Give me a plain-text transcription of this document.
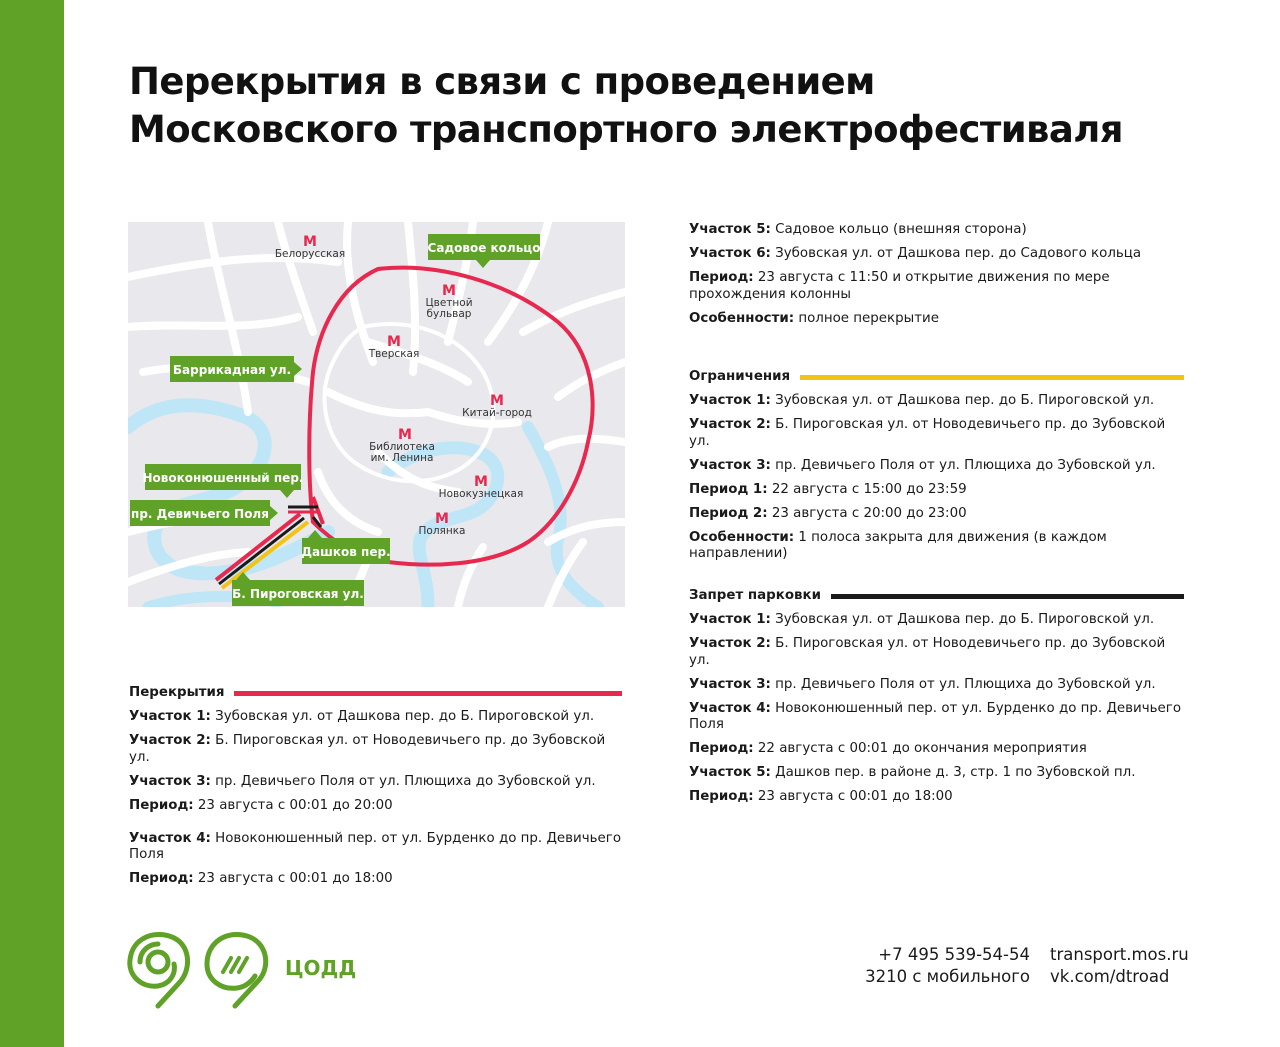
Перекрытия в связи с проведением
Московского транспортного электрофестиваля
Садовое кольцо
Баррикадная ул.
Новоконюшенный пер.
пр. Девичьего Поля
Дашков пер.
Б. Пироговская ул.
М
Белорусская
М
Цветной
бульвар
М
Тверская
М
Китай-город
М
Библиотека
им. Ленина
М
Новокузнецкая
М
Полянка
Участок 5: Садовое кольцо (внешняя сторона)
Участок 6: Зубовская ул. от Дашкова пер. до Садового кольца
Период: 23 августа с 11:50 и открытие движения по мере прохождения колонны
Особенности: полное перекрытие
Ограничения
Участок 1: Зубовская ул. от Дашкова пер. до Б. Пироговской ул.
Участок 2: Б. Пироговская ул. от Новодевичьего пр. до Зубовской ул.
Участок 3: пр. Девичьего Поля от ул. Плющиха до Зубовской ул.
Период 1: 22 августа с 15:00 до 23:59
Период 2: 23 августа с 20:00 до 23:00
Особенности: 1 полоса закрыта для движения (в каждом направлении)
Запрет парковки
Участок 1: Зубовская ул. от Дашкова пер. до Б. Пироговской ул.
Участок 2: Б. Пироговская ул. от Новодевичьего пр. до Зубовской ул.
Участок 3: пр. Девичьего Поля от ул. Плющиха до Зубовской ул.
Участок 4: Новоконюшенный пер. от ул. Бурденко до пр. Девичьего Поля
Период: 22 августа с 00:01 до окончания мероприятия
Участок 5: Дашков пер. в районе д. 3, стр. 1 по Зубовской пл.
Период: 23 августа с 00:01 до 18:00
Перекрытия
Участок 1: Зубовская ул. от Дашкова пер. до Б. Пироговской ул.
Участок 2: Б. Пироговская ул. от Новодевичьего пр. до Зубовской ул.
Участок 3: пр. Девичьего Поля от ул. Плющиха до Зубовской ул.
Период: 23 августа с 00:01 до 20:00
Участок 4: Новоконюшенный пер. от ул. Бурденко до пр. Девичьего Поля
Период: 23 августа с 00:01 до 18:00
ЦОДД
+7 495 539-54-54
3210 с мобильного
transport.mos.ru
vk.com/dtroad
